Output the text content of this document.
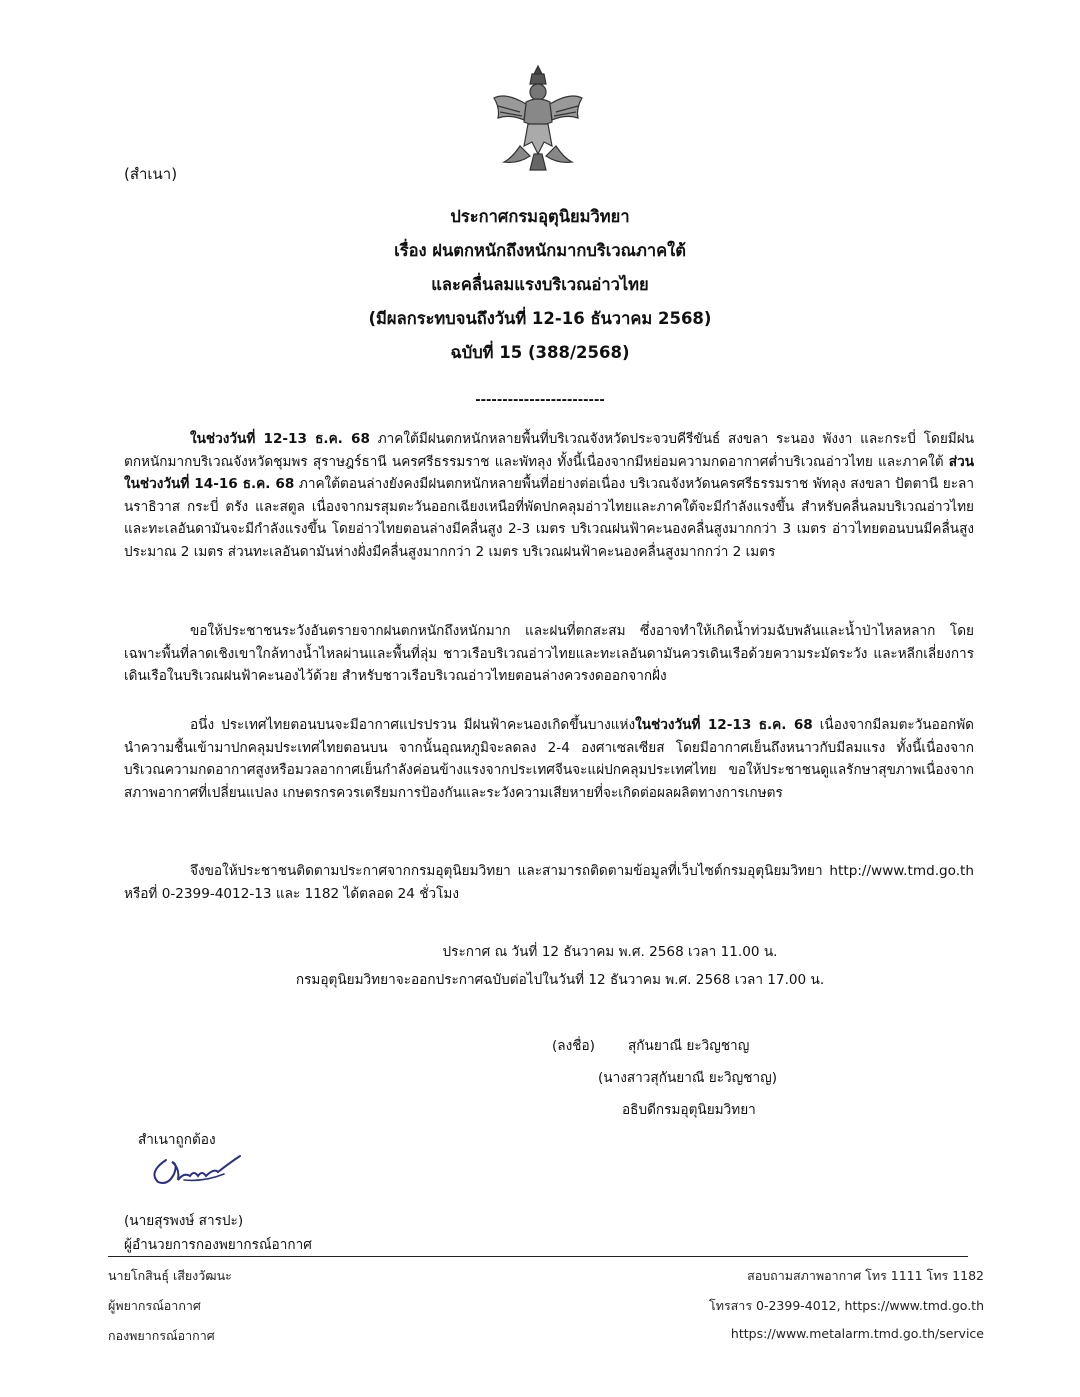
(สำเนา)
ประกาศกรมอุตุนิยมวิทยา
เรื่อง ฝนตกหนักถึงหนักมากบริเวณภาคใต้
และคลื่นลมแรงบริเวณอ่าวไทย
(มีผลกระทบจนถึงวันที่ 12-16 ธันวาคม 2568)
ฉบับที่ 15 (388/2568)
------------------------

ในช่วงวันที่ 12-13 ธ.ค. 68 ภาคใต้มีฝนตกหนักหลายพื้นที่บริเวณจังหวัดประจวบคีรีขันธ์ สงขลา ระนอง พังงา และกระบี่ โดยมีฝนตกหนักมากบริเวณจังหวัดชุมพร สุราษฎร์ธานี นครศรีธรรมราช และพัทลุง ทั้งนี้เนื่องจากมีหย่อมความกดอากาศต่ำบริเวณอ่าวไทย และภาคใต้ ส่วนในช่วงวันที่ 14-16 ธ.ค. 68 ภาคใต้ตอนล่างยังคงมีฝนตกหนักหลายพื้นที่อย่างต่อเนื่อง บริเวณจังหวัดนครศรีธรรมราช พัทลุง สงขลา ปัตตานี ยะลา นราธิวาส กระบี่ ตรัง และสตูล เนื่องจากมรสุมตะวันออกเฉียงเหนือที่พัดปกคลุมอ่าวไทยและภาคใต้จะมีกำลังแรงขึ้น สำหรับคลื่นลมบริเวณอ่าวไทยและทะเลอันดามันจะมีกำลังแรงขึ้น โดยอ่าวไทยตอนล่างมีคลื่นสูง 2-3 เมตร บริเวณฝนฟ้าคะนองคลื่นสูงมากกว่า 3 เมตร อ่าวไทยตอนบนมีคลื่นสูงประมาณ 2 เมตร ส่วนทะเลอันดามันห่างฝั่งมีคลื่นสูงมากกว่า 2 เมตร บริเวณฝนฟ้าคะนองคลื่นสูงมากกว่า 2 เมตร

ขอให้ประชาชนระวังอันตรายจากฝนตกหนักถึงหนักมาก และฝนที่ตกสะสม ซึ่งอาจทำให้เกิดน้ำท่วมฉับพลันและน้ำป่าไหลหลาก โดยเฉพาะพื้นที่ลาดเชิงเขาใกล้ทางน้ำไหลผ่านและพื้นที่ลุ่ม ชาวเรือบริเวณอ่าวไทยและทะเลอันดามันควรเดินเรือด้วยความระมัดระวัง และหลีกเลี่ยงการเดินเรือในบริเวณฝนฟ้าคะนองไว้ด้วย สำหรับชาวเรือบริเวณอ่าวไทยตอนล่างควรงดออกจากฝั่ง

อนึ่ง ประเทศไทยตอนบนจะมีอากาศแปรปรวน มีฝนฟ้าคะนองเกิดขึ้นบางแห่งในช่วงวันที่ 12-13 ธ.ค. 68 เนื่องจากมีลมตะวันออกพัดนำความชื้นเข้ามาปกคลุมประเทศไทยตอนบน จากนั้นอุณหภูมิจะลดลง 2-4 องศาเซลเซียส โดยมีอากาศเย็นถึงหนาวกับมีลมแรง ทั้งนี้เนื่องจากบริเวณความกดอากาศสูงหรือมวลอากาศเย็นกำลังค่อนข้างแรงจากประเทศจีนจะแผ่ปกคลุมประเทศไทย ขอให้ประชาชนดูแลรักษาสุขภาพเนื่องจากสภาพอากาศที่เปลี่ยนแปลง เกษตรกรควรเตรียมการป้องกันและระวังความเสียหายที่จะเกิดต่อผลผลิตทางการเกษตร

จึงขอให้ประชาชนติดตามประกาศจากกรมอุตุนิยมวิทยา และสามารถติดตามข้อมูลที่เว็บไซต์กรมอุตุนิยมวิทยา http://www.tmd.go.th หรือที่ 0-2399-4012-13 และ 1182 ได้ตลอด 24 ชั่วโมง

ประกาศ ณ วันที่ 12 ธันวาคม พ.ศ. 2568 เวลา 11.00 น.
กรมอุตุนิยมวิทยาจะออกประกาศฉบับต่อไปในวันที่ 12 ธันวาคม พ.ศ. 2568 เวลา 17.00 น.
(ลงชื่อ) สุกันยาณี ยะวิญชาญ
(นางสาวสุกันยาณี ยะวิญชาญ)
อธิบดีกรมอุตุนิยมวิทยา
สำเนาถูกต้อง
(นายสุรพงษ์ สารปะ)
ผู้อำนวยการกองพยากรณ์อากาศ
นายโกสินธุ์ เสียงวัฒนะ
ผู้พยากรณ์อากาศ
กองพยากรณ์อากาศ
สอบถามสภาพอากาศ โทร 1111 โทร 1182
โทรสาร 0-2399-4012, https://www.tmd.go.th
https://www.metalarm.tmd.go.th/service
